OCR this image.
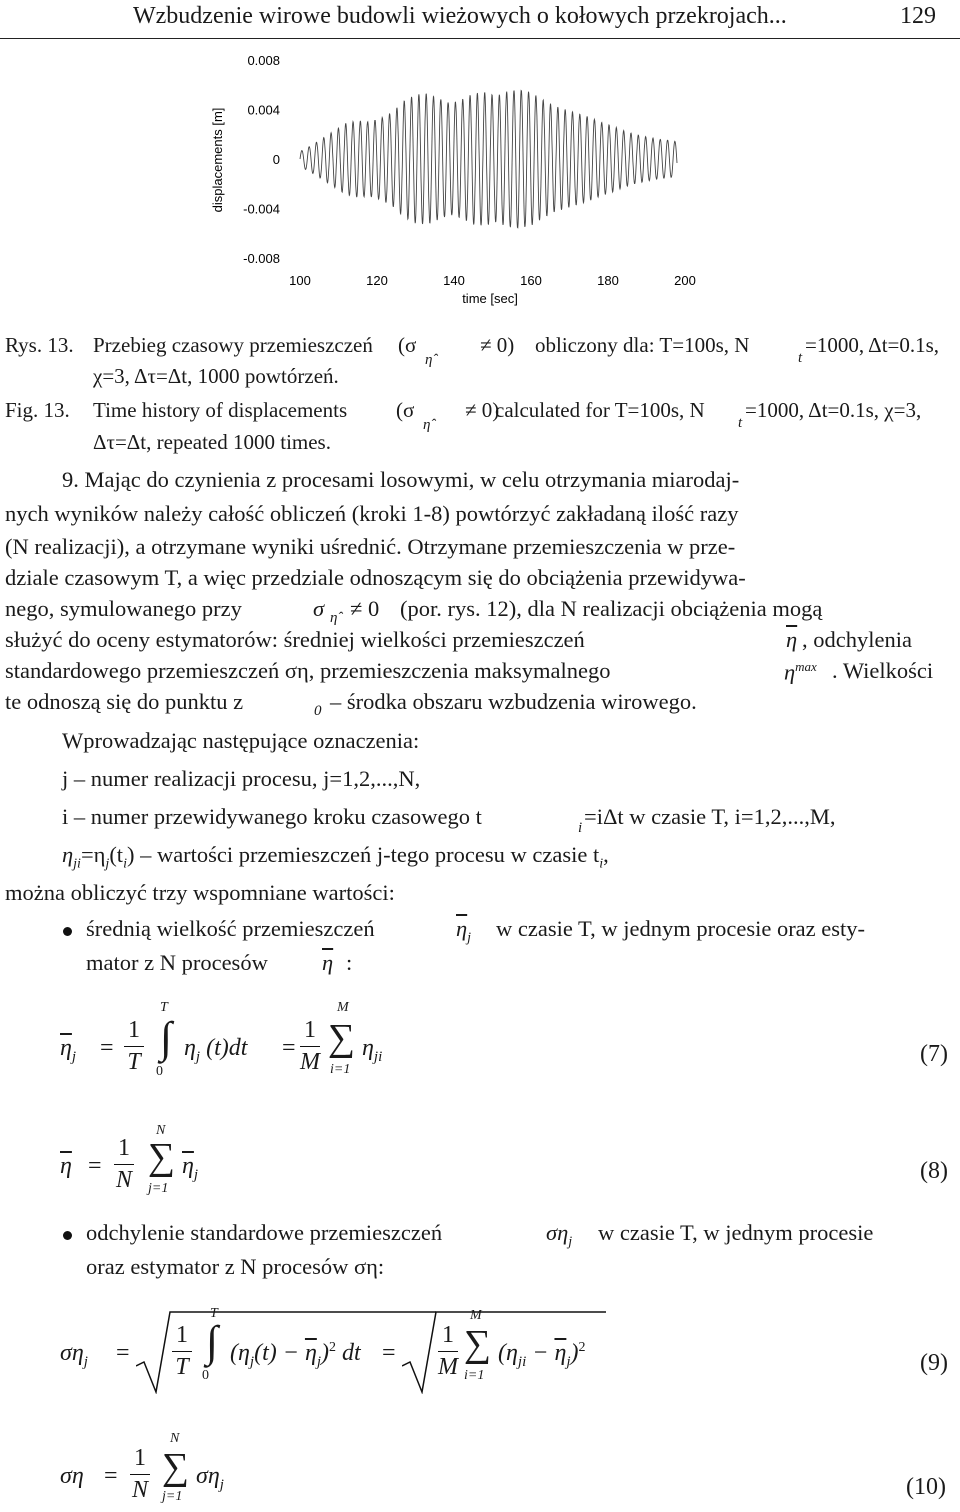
Wzbudzenie wirowe budowli wieżowych o kołowych przekrojach...	129
100	120	140	160	180	200
0.008
0.004
0
-0.004
-0.008
time [sec]
displacements [m]
Rys. 13. Przebieg czasowy przemieszczeń (σ
η̂
≠ 0) obliczony dla: T=100s, N
t
=1000, Δt=0.1s,
χ=3, Δτ=Δt, 1000 powtórzeń.
Fig. 13. Time history of displacements (σ
η̂
≠ 0)
calculated for T=100s, N
t
=1000, Δt=0.1s, χ=3,
Δτ=Δt, repeated 1000 times.
9. Mając do czynienia z procesami losowymi, w celu otrzymania miarodaj-
nych wyników należy całość obliczeń (kroki 1-8) powtórzyć zakładaną ilość razy
(N realizacji), a otrzymane wyniki uśrednić. Otrzymane przemieszczenia w prze-
dziale czasowym T, a więc przedziale odnoszącym się do obciążenia przewidywa-
nego, symulowanego przy	σ η̂ ≠ 0 (por. rys. 12), dla N realizacji obciążenia mogą
służyć do oceny estymatorów: średniej wielkości przemieszczeń	$\overline{\eta}$ , odchylenia
standardowego przemieszczeń ση, przemieszczenia maksymalnego	$\eta^{max}$ . Wielkości
te odnoszą się do punktu z	0 – środka obszaru wzbudzenia wirowego.
Wprowadzając następujące oznaczenia:
j – numer realizacji procesu, j=1,2,...,N,
i – numer przewidywanego kroku czasowego t	i =iΔt w czasie T, i=1,2,...,M,
$\eta_{ji}=\eta_j(t_i)$ – wartości przemieszczeń j-tego procesu w czasie $t_i$,
można obliczyć trzy wspomniane wartości:
średnią wielkość przemieszczeń	$\overline{\eta}_j$ w czasie T, w jednym procesie oraz esty-
mator z N procesów $\overline{\eta}$ :
$\overline{\eta}_j = \frac{1}{T}$ ∫
T
0
$\eta_j$ $(t)dt = \frac{1}{M}$ ∑
M
i=1
$\eta_{ji}$	(7)
$\overline{\eta} = \frac{1}{N}$ ∑
N
j=1
$\overline{\eta}_j$	(8)
odchylenie standardowe przemieszczeń	$\sigma\eta_j$ w czasie T, w jednym procesie
oraz estymator z N procesów ση:
$\sigma\eta_j = \frac{1}{T}$ ∫
T
0
$(\eta_j(t) - \overline{\eta}_j)^2$ dt = $\frac{1}{M}$ ∑
M
i=1
$(\eta_{ji} - \overline{\eta}_j)^2$
(9)
$\sigma\eta = \frac{1}{N}$ ∑
N
j=1
$\sigma\eta_j$	(10)
